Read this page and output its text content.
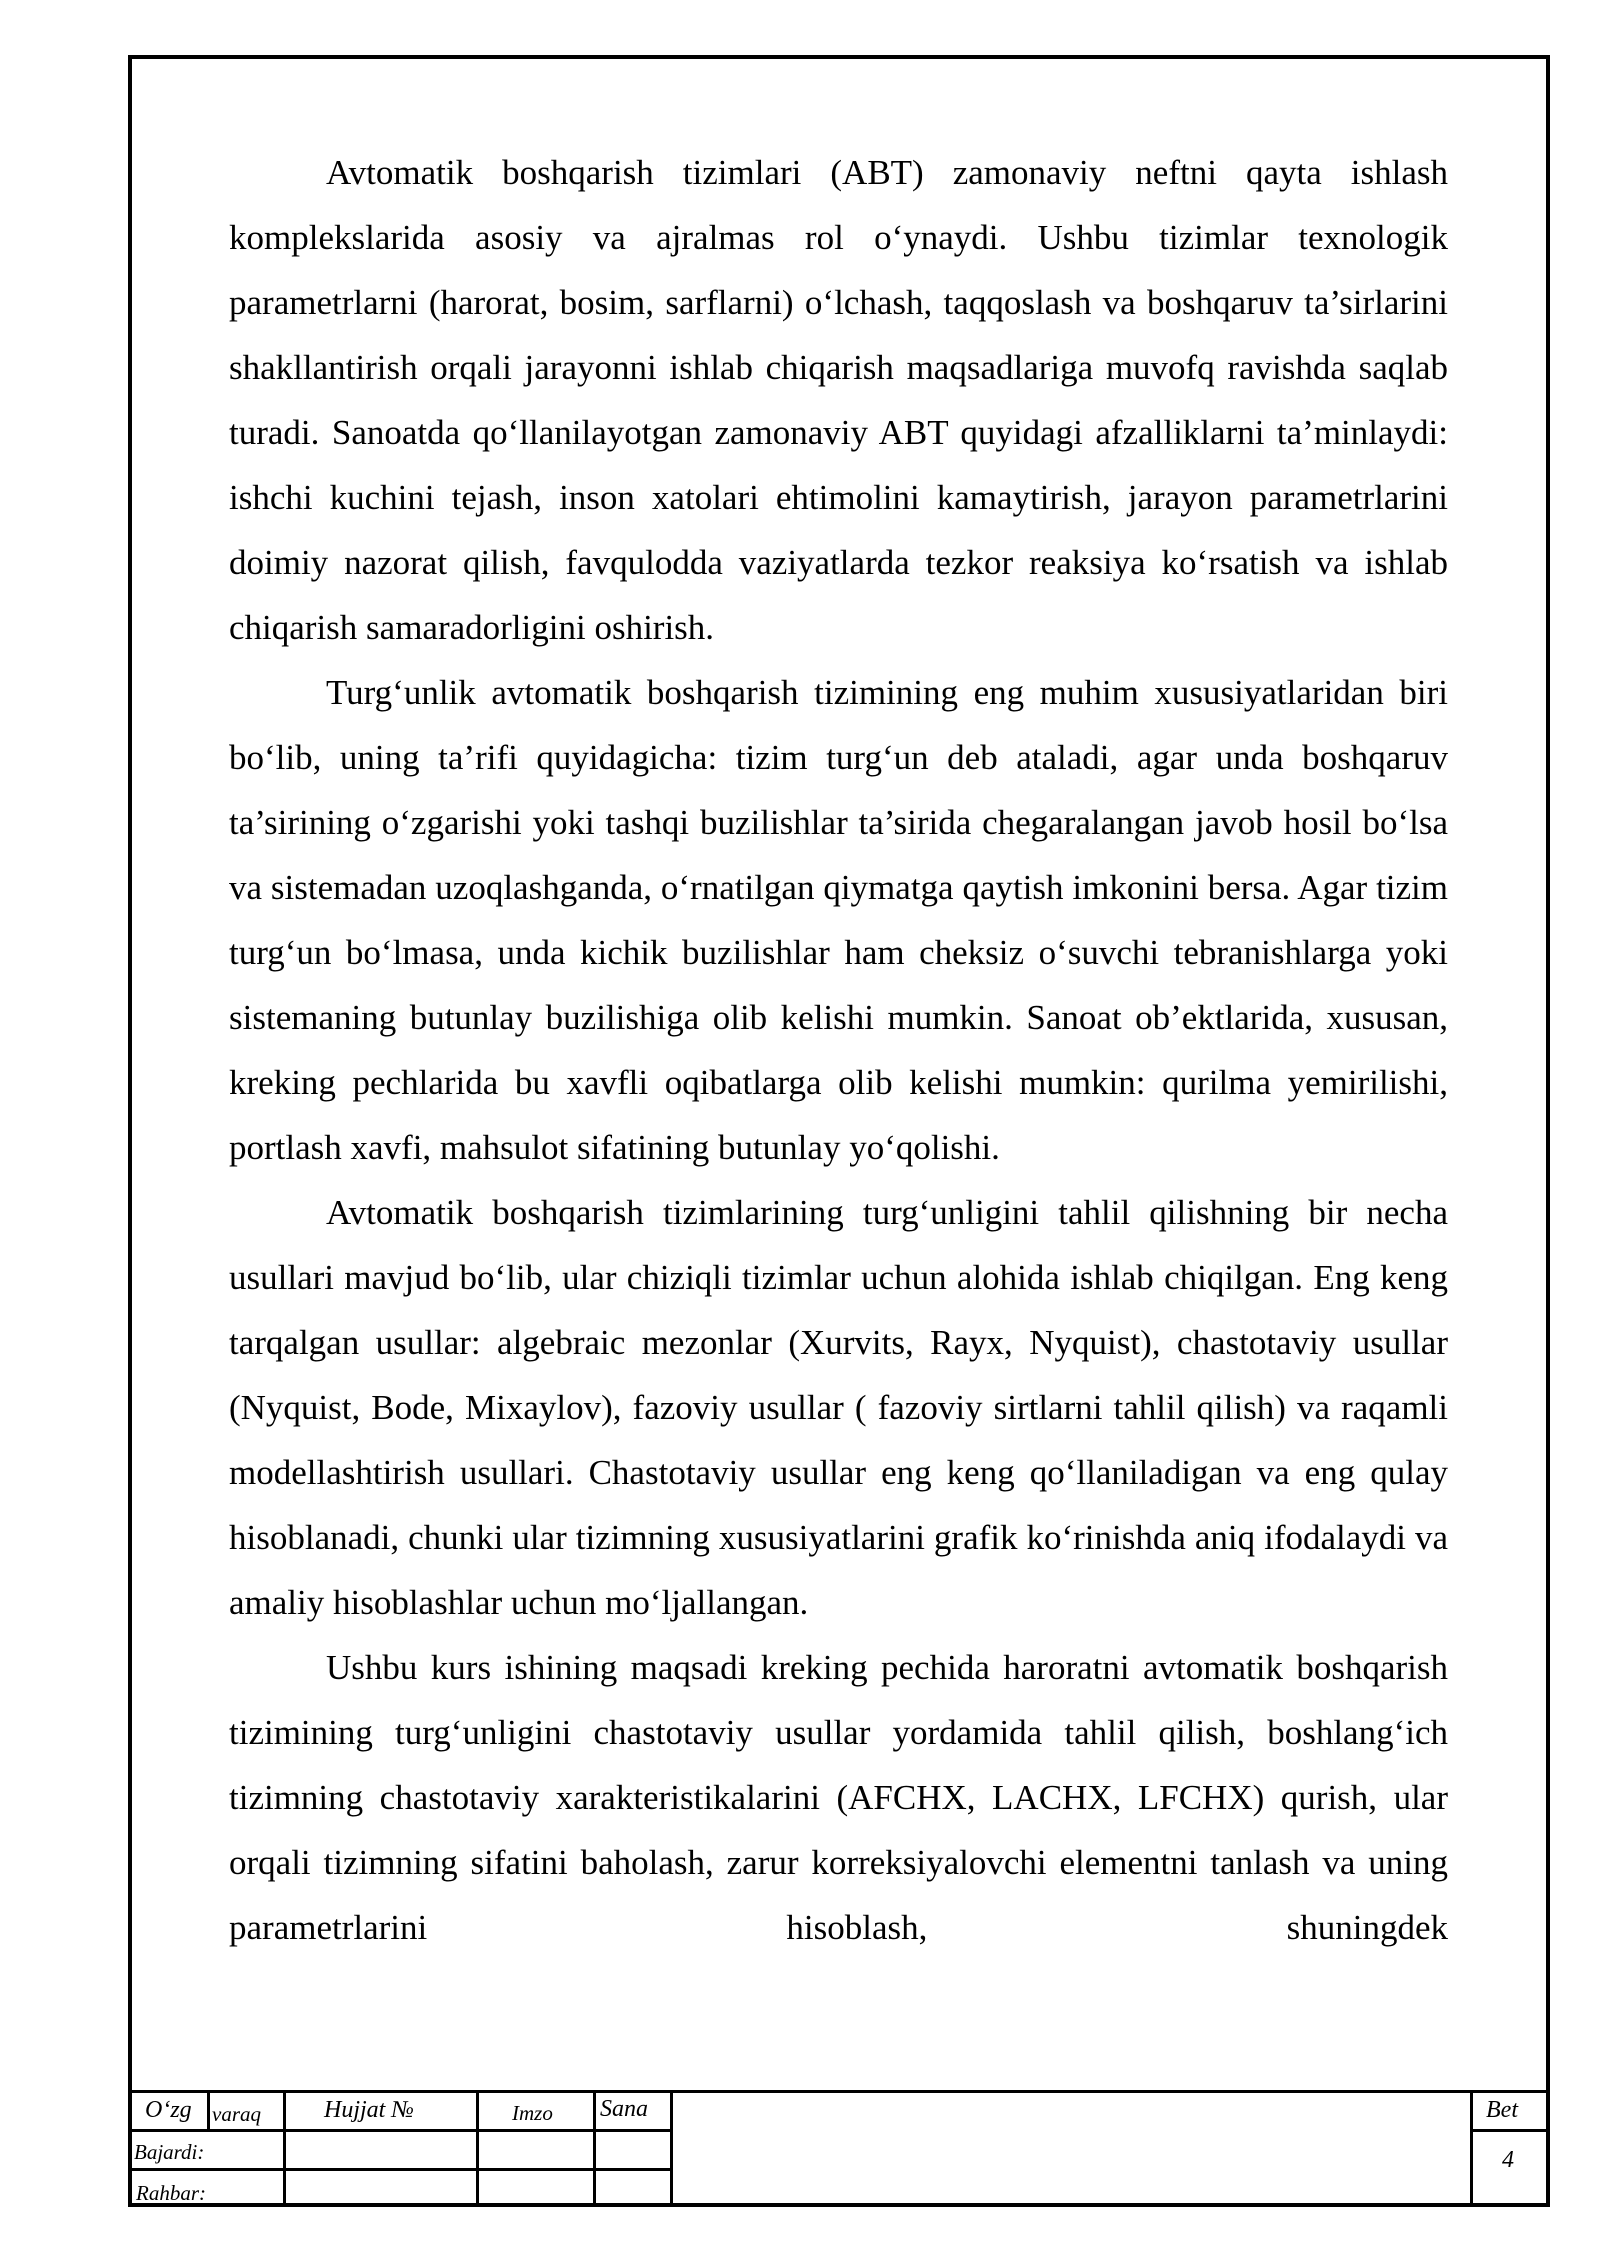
Avtomatik boshqarish tizimlari (ABT) zamonaviy neftni qayta ishlash komplekslarida asosiy va ajralmas rol o‘ynaydi. Ushbu tizimlar texnologik parametrlarni (harorat, bosim, sarflarni) o‘lchash, taqqoslash va boshqaruv ta’sirlarini shakllantirish orqali jarayonni ishlab chiqarish maqsadlariga muvofq ravishda saqlab turadi. Sanoatda qo‘llanilayotgan zamonaviy ABT quyidagi afzalliklarni ta’minlaydi: ishchi kuchini tejash, inson xatolari ehtimolini kamaytirish, jarayon parametrlarini doimiy nazorat qilish, favqulodda vaziyatlarda tezkor reaksiya ko‘rsatish va ishlab chiqarish samaradorligini oshirish.

Turg‘unlik avtomatik boshqarish tizimining eng muhim xususiyatlaridan biri bo‘lib, uning ta’rifi quyidagicha: tizim turg‘un deb ataladi, agar unda boshqaruv ta’sirining o‘zgarishi yoki tashqi buzilishlar ta’sirida chegaralangan javob hosil bo‘lsa va sistemadan uzoqlashganda, o‘rnatilgan qiymatga qaytish imkonini bersa. Agar tizim turg‘un bo‘lmasa, unda kichik buzilishlar ham cheksiz o‘suvchi tebranishlarga yoki sistemaning butunlay buzilishiga olib kelishi mumkin. Sanoat ob’ektlarida, xususan, kreking pechlarida bu xavfli oqibatlarga olib kelishi mumkin: qurilma yemirilishi, portlash xavfi, mahsulot sifatining butunlay yo‘qolishi.

Avtomatik boshqarish tizimlarining turg‘unligini tahlil qilishning bir necha usullari mavjud bo‘lib, ular chiziqli tizimlar uchun alohida ishlab chiqilgan. Eng keng tarqalgan usullar: algebraic mezonlar (Xurvits, Rayx, Nyquist), chastotaviy usullar (Nyquist, Bode, Mixaylov), fazoviy usullar ( fazoviy sirtlarni tahlil qilish) va raqamli modellashtirish usullari. Chastotaviy usullar eng keng qo‘llaniladigan va eng qulay hisoblanadi, chunki ular tizimning xususiyatlarini grafik ko‘rinishda aniq ifodalaydi va amaliy hisoblashlar uchun mo‘ljallangan.

Ushbu kurs ishining maqsadi kreking pechida haroratni avtomatik boshqarish tizimining turg‘unligini chastotaviy usullar yordamida tahlil qilish, boshlang‘ich tizimning chastotaviy xarakteristikalarini (AFCHX, LACHX, LFCHX) qurish, ular orqali tizimning sifatini baholash, zarur korreksiyalovchi elementni tanlash va uning parametrlarini hisoblash, shuningdek

O‘zg varaq	Hujjat №	Imzo Sana
Bajardi:
Rahbar:
Bet
4
